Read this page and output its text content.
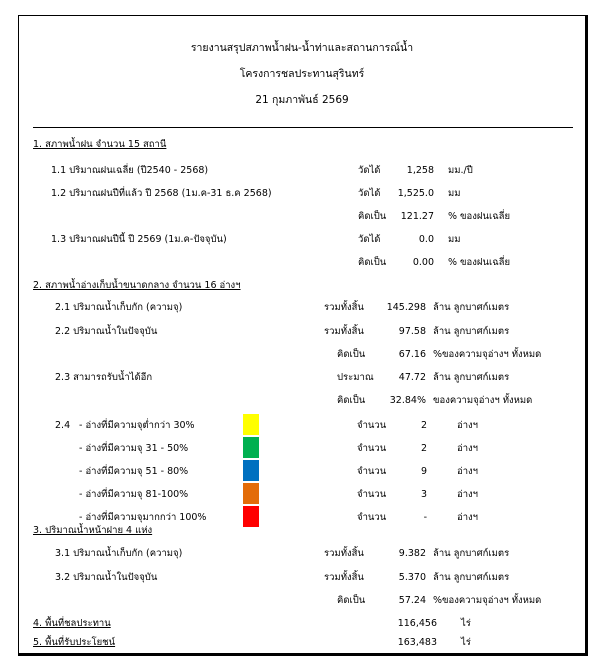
รายงานสรุปสภาพน้ำฝน-น้ำท่าและสถานการณ์น้ำ
โครงการชลประทานสุรินทร์
21 กุมภาพันธ์ 2569
1. สภาพน้ำฝน จำนวน 15 สถานี
1.1 ปริมาณฝนเฉลี่ย (ปี2540 - 2568)	วัดได้	1,258 มม./ปี
1.2 ปริมาณฝนปีที่แล้ว ปี 2568 (1ม.ค-31 ธ.ค 2568)	วัดได้	1,525.0 มม
คิดเป็น	121.27 % ของฝนเฉลี่ย
1.3 ปริมาณฝนปีนี้ ปี 2569 (1ม.ค-ปัจจุบัน)	วัดได้	0.0 มม
คิดเป็น	0.00 % ของฝนเฉลี่ย
2. สภาพน้ำอ่างเก็บน้ำขนาดกลาง จำนวน 16 อ่างฯ
2.1 ปริมาณน้ำเก็บกัก (ความจุ)	รวมทั้งสิ้น	145.298 ล้าน ลูกบาศก์เมตร
2.2 ปริมาณน้ำในปัจจุบัน	รวมทั้งสิ้น	97.58 ล้าน ลูกบาศก์เมตร
คิดเป็น	67.16 %ของความจุอ่างฯ ทั้งหมด
2.3 สามารถรับน้ำได้อีก	ประมาณ	47.72 ล้าน ลูกบาศก์เมตร
คิดเป็น	32.84% ของความจุอ่างฯ ทั้งหมด
2.4 - อ่างที่มีความจุต่ำกว่า 30%	จำนวน	2	อ่างฯ
- อ่างที่มีความจุ 31 - 50%	จำนวน	2	อ่างฯ
- อ่างที่มีความจุ 51 - 80%	จำนวน	9	อ่างฯ
- อ่างที่มีความจุ 81-100%	จำนวน	3	อ่างฯ
- อ่างที่มีความจุมากกว่า 100%	จำนวน	-	อ่างฯ
3. ปริมาณน้ำหน้าฝาย 4 แห่ง
3.1 ปริมาณน้ำเก็บกัก (ความจุ)	รวมทั้งสิ้น	9.382 ล้าน ลูกบาศก์เมตร
3.2 ปริมาณน้ำในปัจจุบัน	รวมทั้งสิ้น	5.370 ล้าน ลูกบาศก์เมตร
คิดเป็น	57.24 %ของความจุอ่างฯ ทั้งหมด
4. พื้นที่ชลประทาน	116,456	ไร่
5. พื้นที่รับประโยชน์	163,483	ไร่
